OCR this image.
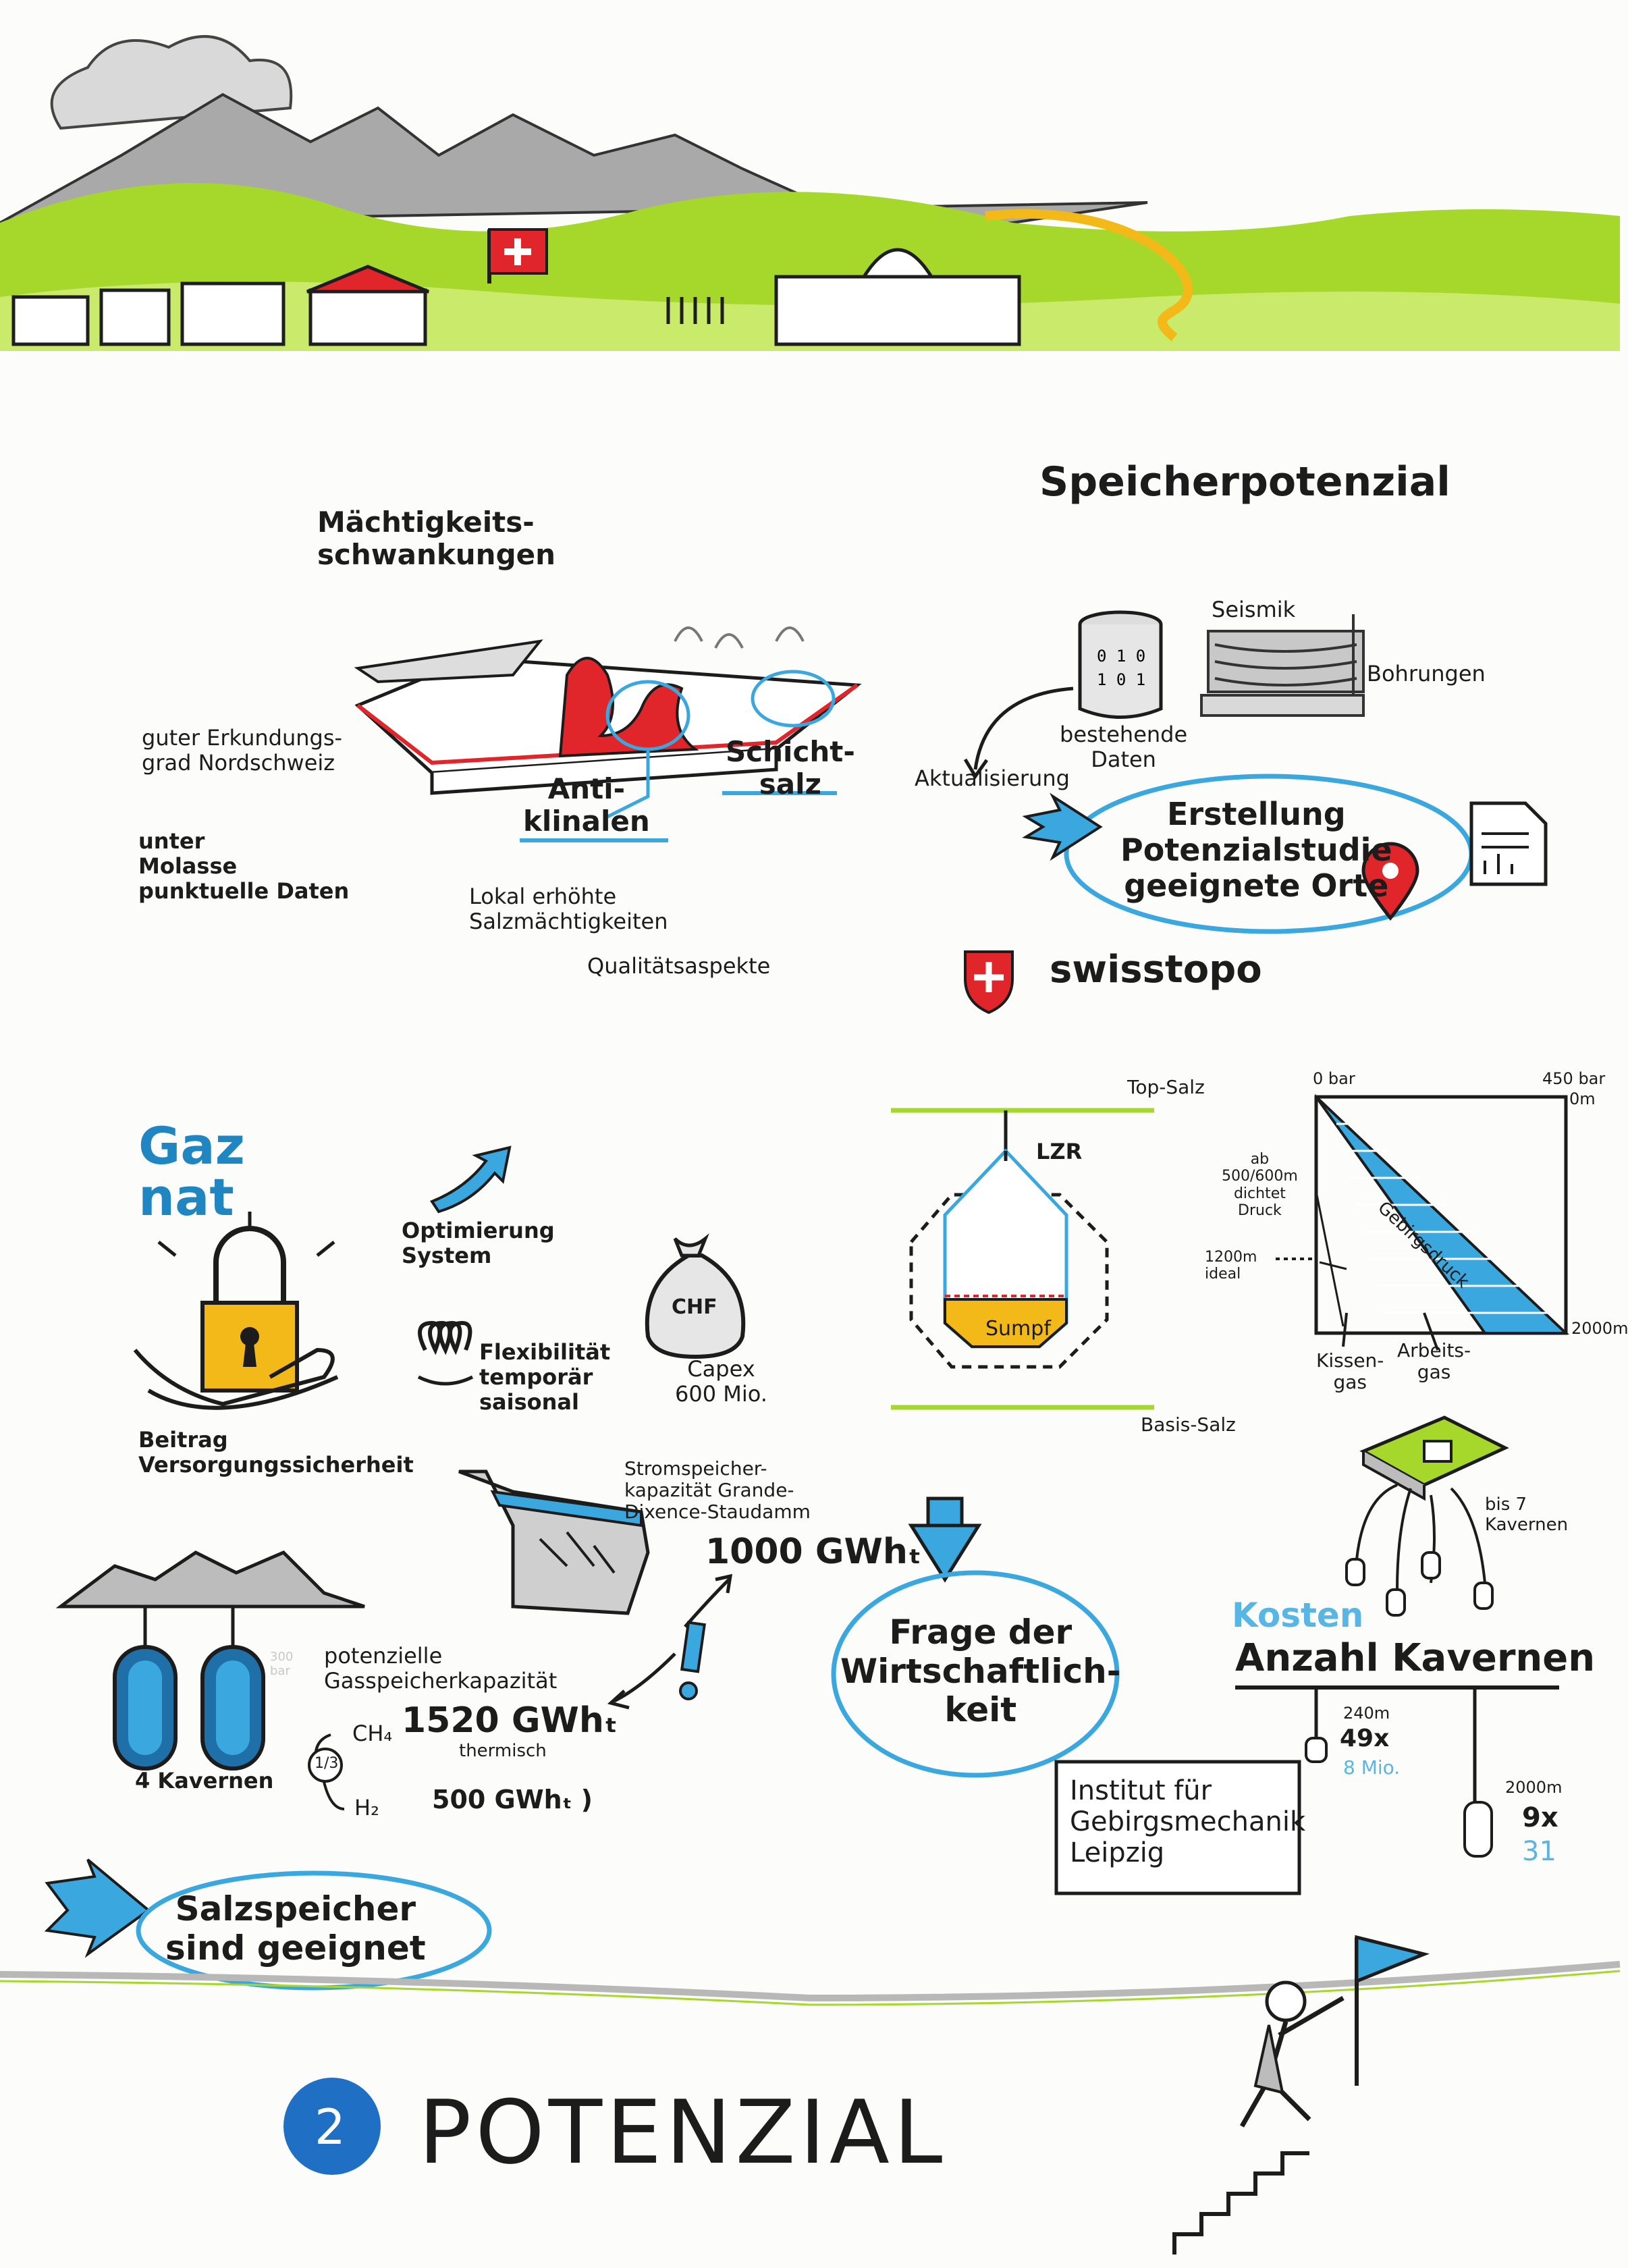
0 1 0
1 0 1
Mächtigkeits-
schwankungen
guter Erkundungs-
grad Nordschweiz
unter
Molasse
punktuelle Daten
Anti-
klinalen
Schicht-
salz
Lokal erhöhte
Salzmächtigkeiten
Qualitätsaspekte
Speicherpotenzial
Seismik
Bohrungen
bestehende
Daten
Aktualisierung
Erstellung
Potenzialstudie
geeignete Orte
swisstopo
Gaz
nat
Beitrag
Versorgungssicherheit
Optimierung
System
Flexibilität
temporär
saisonal
CHF
Capex
600 Mio.
Stromspeicher-
kapazität Grande-
Dixence-Staudamm
1000 GWhₜ
potenzielle
Gasspeicherkapazität
1520 GWhₜ
thermisch
CH₄
1/3
H₂ 500 GWhₜ )
4 Kavernen
300
bar
Frage der
Wirtschaftlich-
keit
Institut für
Gebirgsmechanik
Leipzig
Salzspeicher
sind geeignet
Top-Salz
Basis-Salz
LZR
Sumpf
0 bar	450 bar
0m
2000m
ab
500/600m
dichtet
Druck
1200m
ideal	Gebirgsdruck
Kissen-
gas
Arbeits-
gas
bis 7
Kavernen
Kosten
Anzahl Kavernen
240m
49x
8 Mio.
2000m
9x
31
2 POTENZIAL
